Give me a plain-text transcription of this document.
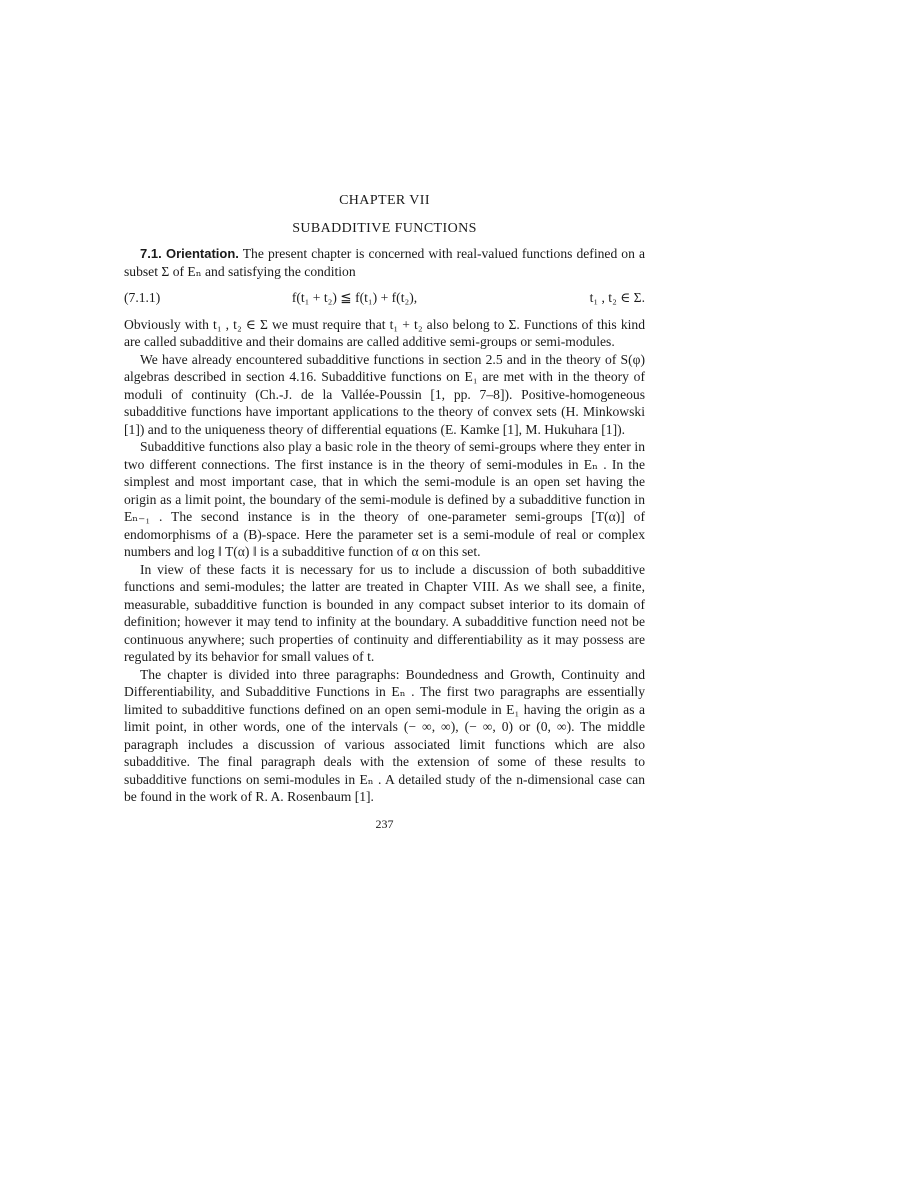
CHAPTER VII
SUBADDITIVE FUNCTIONS

7.1. Orientation. The present chapter is concerned with real-valued functions defined on a subset Σ of Eₙ and satisfying the condition

(7.1.1)	f(t₁ + t₂) ≦ f(t₁) + f(t₂),	t₁ , t₂ ∈ Σ.

Obviously with t₁ , t₂ ∈ Σ we must require that t₁ + t₂ also belong to Σ. Functions of this kind are called subadditive and their domains are called additive semi-groups or semi-modules.

We have already encountered subadditive functions in section 2.5 and in the theory of S(φ) algebras described in section 4.16. Subadditive functions on E₁ are met with in the theory of moduli of continuity (Ch.-J. de la Vallée-Poussin [1, pp. 7–8]). Positive-homogeneous subadditive functions have important applications to the theory of convex sets (H. Minkowski [1]) and to the uniqueness theory of differential equations (E. Kamke [1], M. Hukuhara [1]).

Subadditive functions also play a basic role in the theory of semi-groups where they enter in two different connections. The first instance is in the theory of semi-modules in Eₙ . In the simplest and most important case, that in which the semi-module is an open set having the origin as a limit point, the boundary of the semi-module is defined by a subadditive function in Eₙ₋₁ . The second instance is in the theory of one-parameter semi-groups [T(α)] of endomorphisms of a (B)-space. Here the parameter set is a semi-module of real or complex numbers and log ‖ T(α) ‖ is a subadditive function of α on this set.

In view of these facts it is necessary for us to include a discussion of both subadditive functions and semi-modules; the latter are treated in Chapter VIII. As we shall see, a finite, measurable, subadditive function is bounded in any compact subset interior to its domain of definition; however it may tend to infinity at the boundary. A subadditive function need not be continuous anywhere; such properties of continuity and differentiability as it may possess are regulated by its behavior for small values of t.

The chapter is divided into three paragraphs: Boundedness and Growth, Continuity and Differentiability, and Subadditive Functions in Eₙ . The first two paragraphs are essentially limited to subadditive functions defined on an open semi-module in E₁ having the origin as a limit point, in other words, one of the intervals (− ∞, ∞), (− ∞, 0) or (0, ∞). The middle paragraph includes a discussion of various associated limit functions which are also subadditive. The final paragraph deals with the extension of some of these results to subadditive functions on semi-modules in Eₙ . A detailed study of the n-dimensional case can be found in the work of R. A. Rosenbaum [1].

237
